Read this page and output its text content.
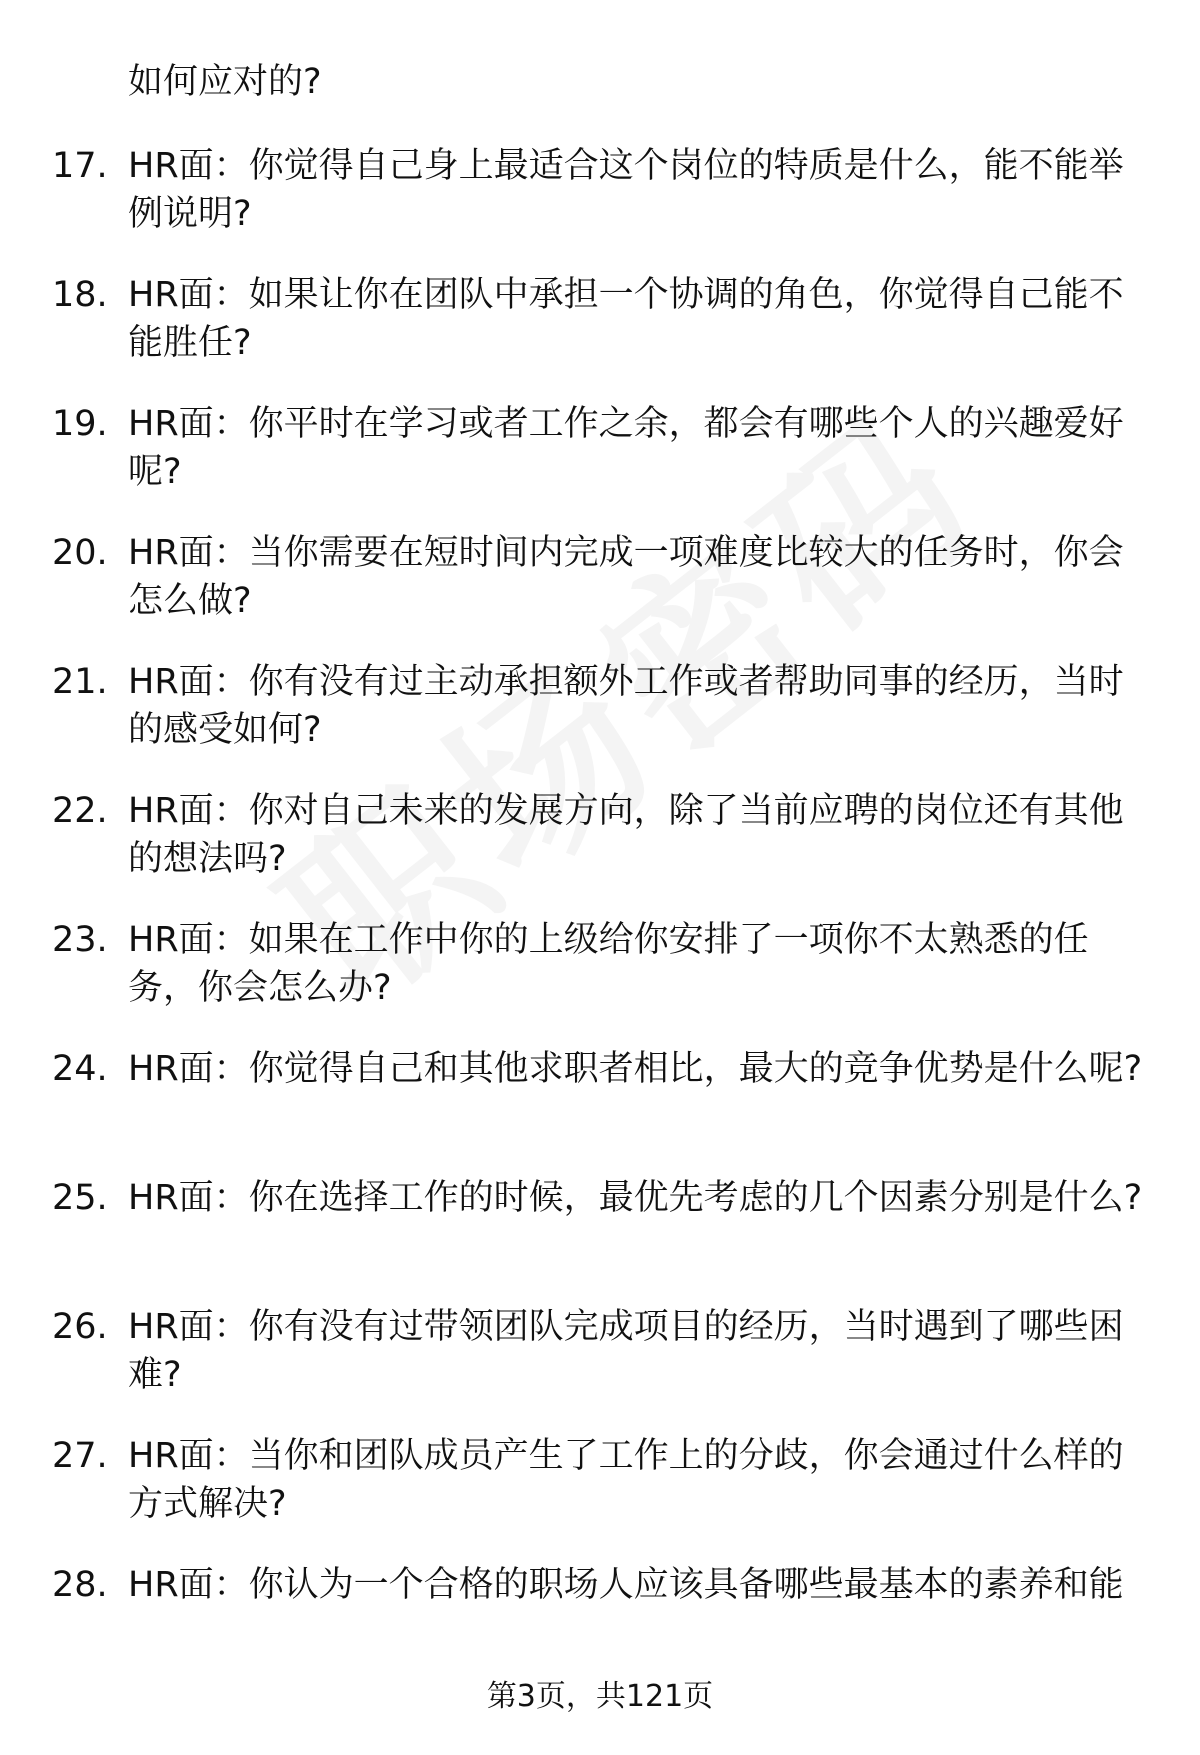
如何应对的?
17. HR面：你觉得自己身上最适合这个岗位的特质是什么，能不能举例说明?
18. HR面：如果让你在团队中承担一个协调的角色，你觉得自己能不能胜任?
19. HR面：你平时在学习或者工作之余，都会有哪些个人的兴趣爱好呢?
20. HR面：当你需要在短时间内完成一项难度比较大的任务时，你会怎么做?
21. HR面：你有没有过主动承担额外工作或者帮助同事的经历，当时的感受如何?
22. HR面：你对自己未来的发展方向，除了当前应聘的岗位还有其他的想法吗?
23. HR面：如果在工作中你的上级给你安排了一项你不太熟悉的任务，你会怎么办?
24. HR面：你觉得自己和其他求职者相比，最大的竞争优势是什么呢?
25. HR面：你在选择工作的时候，最优先考虑的几个因素分别是什么?
26. HR面：你有没有过带领团队完成项目的经历，当时遇到了哪些困难?
27. HR面：当你和团队成员产生了工作上的分歧，你会通过什么样的方式解决?
28. HR面：你认为一个合格的职场人应该具备哪些最基本的素养和能
第3页，共121页
